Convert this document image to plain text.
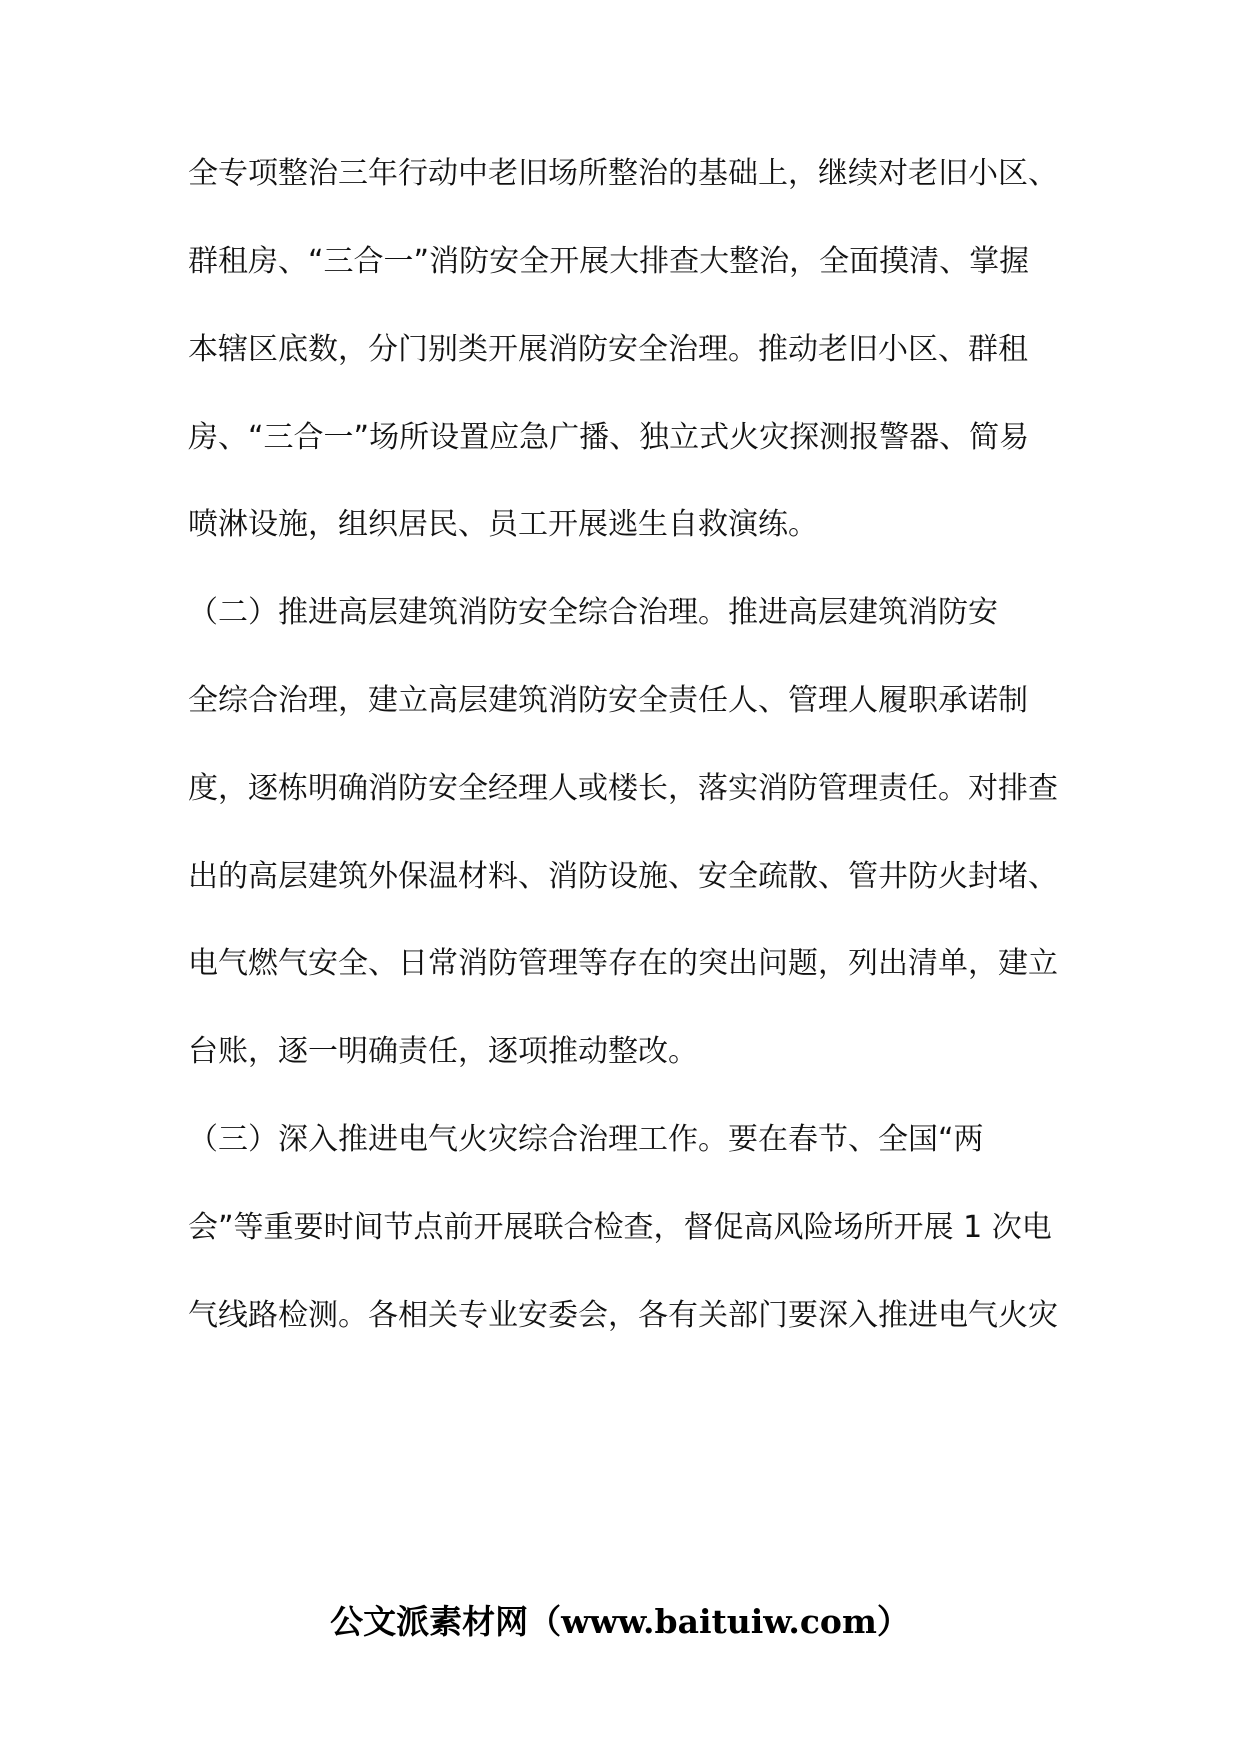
全专项整治三年行动中老旧场所整治的基础上，继续对老旧小区、
群租房、“三合一”消防安全开展大排查大整治，全面摸清、掌握
本辖区底数，分门别类开展消防安全治理。推动老旧小区、群租
房、“三合一”场所设置应急广播、独立式火灾探测报警器、简易
喷淋设施，组织居民、员工开展逃生自救演练。
（二）推进高层建筑消防安全综合治理。推进高层建筑消防安
全综合治理，建立高层建筑消防安全责任人、管理人履职承诺制
度，逐栋明确消防安全经理人或楼长，落实消防管理责任。对排查
出的高层建筑外保温材料、消防设施、安全疏散、管井防火封堵、
电气燃气安全、日常消防管理等存在的突出问题，列出清单，建立
台账，逐一明确责任，逐项推动整改。
（三）深入推进电气火灾综合治理工作。要在春节、全国“两
会”等重要时间节点前开展联合检查，督促高风险场所开展 1 次电
气线路检测。各相关专业安委会，各有关部门要深入推进电气火灾
公文派素材网（www.baituiw.com）
